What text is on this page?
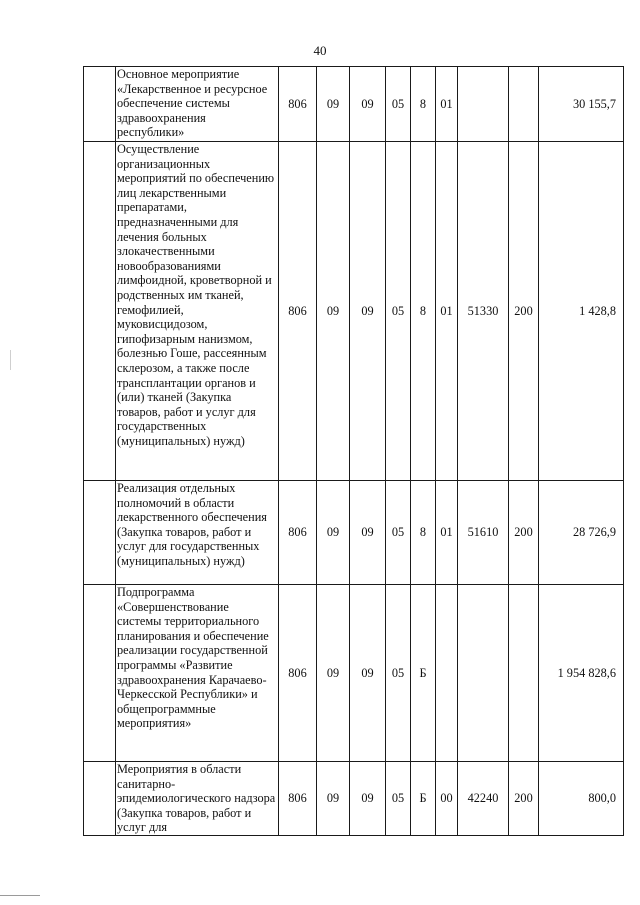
40
	Основное мероприятие «Лекарственное и ресурсное обеспечение системы здравоохранения республики»	806	09	09	05	8	01			30 155,7
	Осуществление организационных мероприятий по обеспечению лиц лекарственными препаратами, предназначенными для лечения больных злокачественными новообразованиями лимфоидной, кроветворной и родственных им тканей, гемофилией, муковисцидозом, гипофизарным нанизмом, болезнью Гоше, рассеянным склерозом, а также после трансплантации органов и (или) тканей (Закупка товаров, работ и услуг для государственных (муниципальных) нужд)	806	09	09	05	8	01	51330	200	1 428,8
	Реализация отдельных полномочий в области лекарственного обеспечения (Закупка товаров, работ и услуг для государственных (муниципальных) нужд)	806	09	09	05	8	01	51610	200	28 726,9
	Подпрограмма «Совершенствование системы территориального планирования и обеспечение реализации государственной программы «Развитие здравоохранения Карачаево-Черкесской Республики» и общепрограммные мероприятия»	806	09	09	05	Б				1 954 828,6
	Мероприятия в области санитарно-эпидемиологического надзора (Закупка товаров, работ и услуг для	806	09	09	05	Б	00	42240	200	800,0
